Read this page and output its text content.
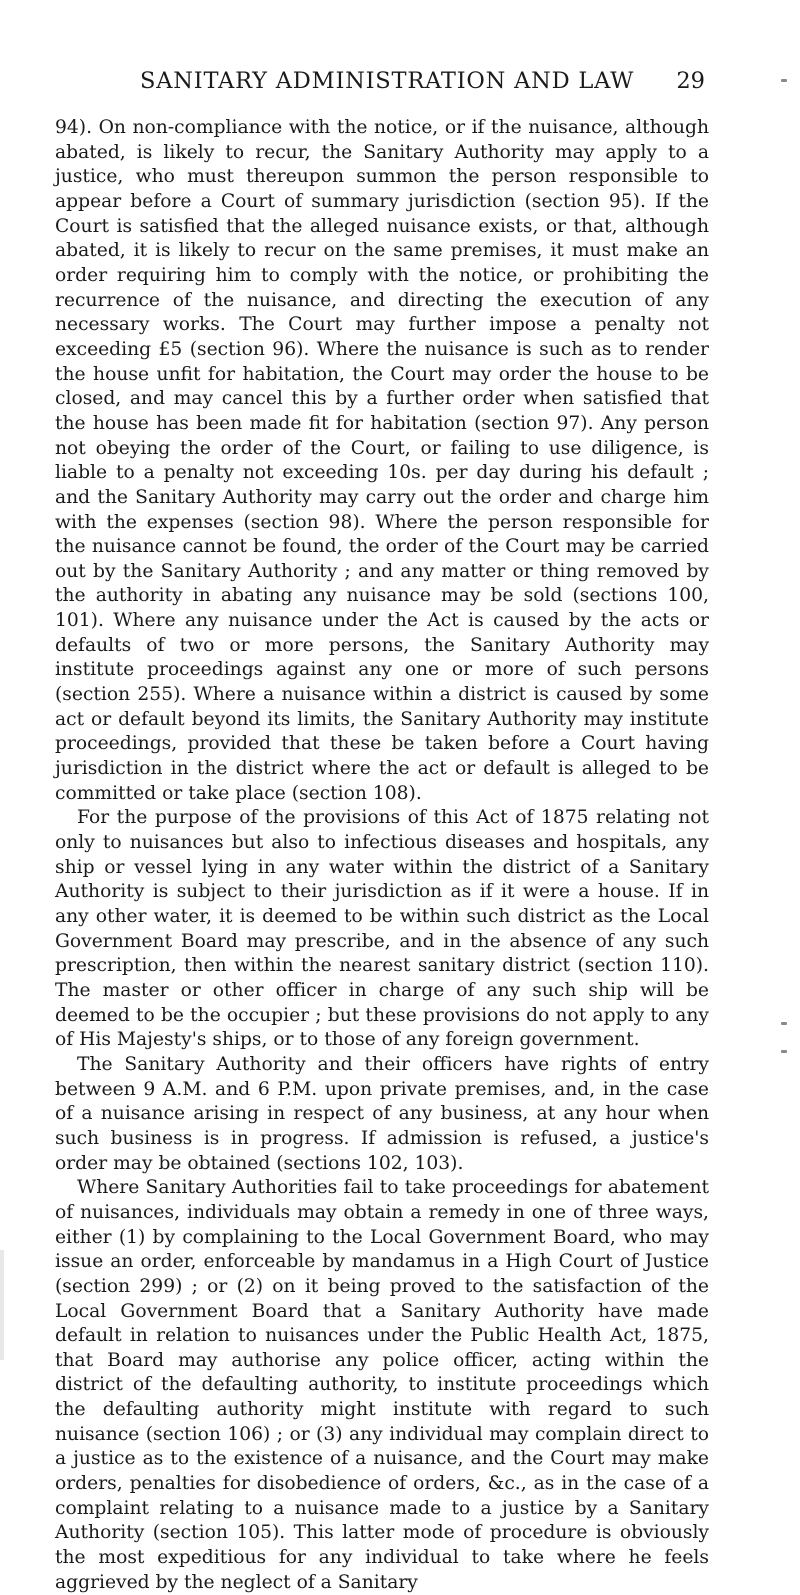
SANITARY ADMINISTRATION AND LAW 29

94). On non-compliance with the notice, or if the nuisance, although abated, is likely to recur, the Sanitary Authority may apply to a justice, who must thereupon summon the person responsible to appear before a Court of summary jurisdiction (section 95). If the Court is satisfied that the alleged nuisance exists, or that, although abated, it is likely to recur on the same premises, it must make an order requiring him to comply with the notice, or prohibiting the recurrence of the nuisance, and directing the execution of any necessary works. The Court may further impose a penalty not exceeding £5 (section 96). Where the nuisance is such as to render the house unfit for habitation, the Court may order the house to be closed, and may cancel this by a further order when satisfied that the house has been made fit for habitation (section 97). Any person not obeying the order of the Court, or failing to use diligence, is liable to a penalty not exceeding 10s. per day during his default ; and the Sanitary Authority may carry out the order and charge him with the expenses (section 98). Where the person responsible for the nuisance cannot be found, the order of the Court may be carried out by the Sanitary Authority ; and any matter or thing removed by the authority in abating any nuisance may be sold (sections 100, 101). Where any nuisance under the Act is caused by the acts or defaults of two or more persons, the Sanitary Authority may institute proceedings against any one or more of such persons (section 255). Where a nuisance within a district is caused by some act or default beyond its limits, the Sanitary Authority may institute proceedings, provided that these be taken before a Court having jurisdiction in the district where the act or default is alleged to be committed or take place (section 108).

For the purpose of the provisions of this Act of 1875 relating not only to nuisances but also to infectious diseases and hospitals, any ship or vessel lying in any water within the district of a Sanitary Authority is subject to their jurisdiction as if it were a house. If in any other water, it is deemed to be within such district as the Local Government Board may prescribe, and in the absence of any such prescription, then within the nearest sanitary district (section 110). The master or other officer in charge of any such ship will be deemed to be the occupier ; but these provisions do not apply to any of His Majesty's ships, or to those of any foreign government.

The Sanitary Authority and their officers have rights of entry between 9 A.M. and 6 P.M. upon private premises, and, in the case of a nuisance arising in respect of any business, at any hour when such business is in progress. If admission is refused, a justice's order may be obtained (sections 102, 103).

Where Sanitary Authorities fail to take proceedings for abatement of nuisances, individuals may obtain a remedy in one of three ways, either (1) by complaining to the Local Government Board, who may issue an order, enforceable by mandamus in a High Court of Justice (section 299) ; or (2) on it being proved to the satisfaction of the Local Government Board that a Sanitary Authority have made default in relation to nuisances under the Public Health Act, 1875, that Board may authorise any police officer, acting within the district of the defaulting authority, to institute proceedings which the defaulting authority might institute with regard to such nuisance (section 106) ; or (3) any individual may complain direct to a justice as to the existence of a nuisance, and the Court may make orders, penalties for disobedience of orders, &c., as in the case of a complaint relating to a nuisance made to a justice by a Sanitary Authority (section 105). This latter mode of procedure is obviously the most expeditious for any individual to take where he feels aggrieved by the neglect of a Sanitary
